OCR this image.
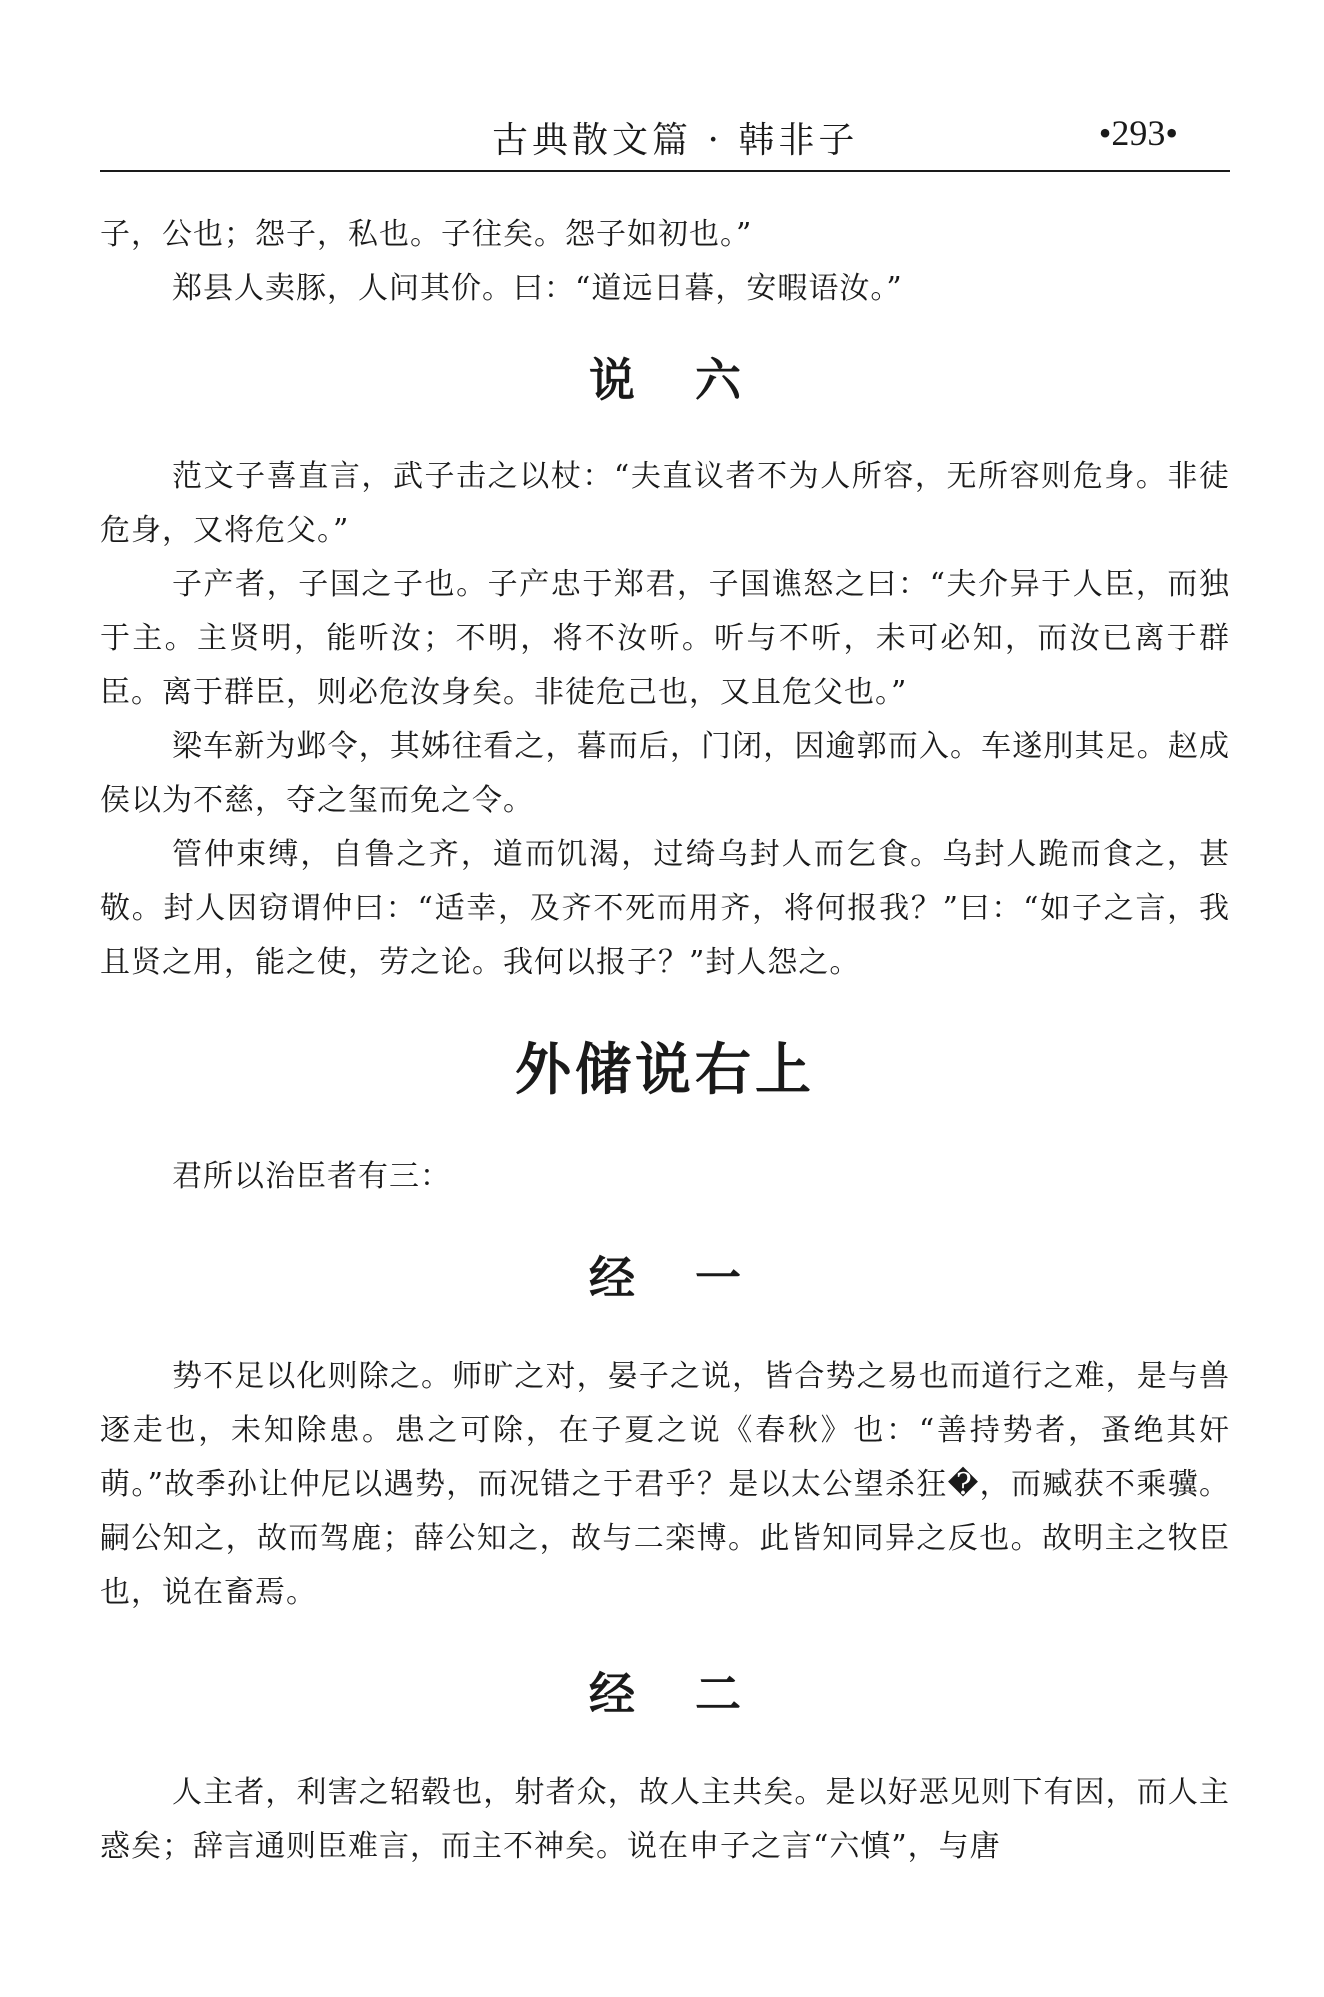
古典散文篇 · 韩非子	•293•

子，公也；怨子，私也。子往矣。怨子如初也。”

郑县人卖豚，人问其价。曰：“道远日暮，安暇语汝。”

说六

范文子喜直言，武子击之以杖：“夫直议者不为人所容，无所容则危身。非徒危身，又将危父。”

子产者，子国之子也。子产忠于郑君，子国谯怒之曰：“夫介异于人臣，而独于主。主贤明，能听汝；不明，将不汝听。听与不听，未可必知，而汝已离于群臣。离于群臣，则必危汝身矣。非徒危己也，又且危父也。”

梁车新为邺令，其姊往看之，暮而后，门闭，因逾郭而入。车遂刖其足。赵成侯以为不慈，夺之玺而免之令。

管仲束缚，自鲁之齐，道而饥渴，过绮乌封人而乞食。乌封人跪而食之，甚敬。封人因窃谓仲曰：“适幸，及齐不死而用齐，将何报我？”曰：“如子之言，我且贤之用，能之使，劳之论。我何以报子？”封人怨之。

外储说右上

君所以治臣者有三：

经一

势不足以化则除之。师旷之对，晏子之说，皆合势之易也而道行之难，是与兽逐走也，未知除患。患之可除，在子夏之说《春秋》也：“善持势者，蚤绝其奸萌。”故季孙让仲尼以遇势，而况错之于君乎？是以太公望杀狂�，而臧获不乘骥。嗣公知之，故而驾鹿；薛公知之，故与二栾博。此皆知同异之反也。故明主之牧臣也，说在畜焉。

经二

人主者，利害之轺毂也，射者众，故人主共矣。是以好恶见则下有因，而人主惑矣；辞言通则臣难言，而主不神矣。说在申子之言“六慎”，与唐
